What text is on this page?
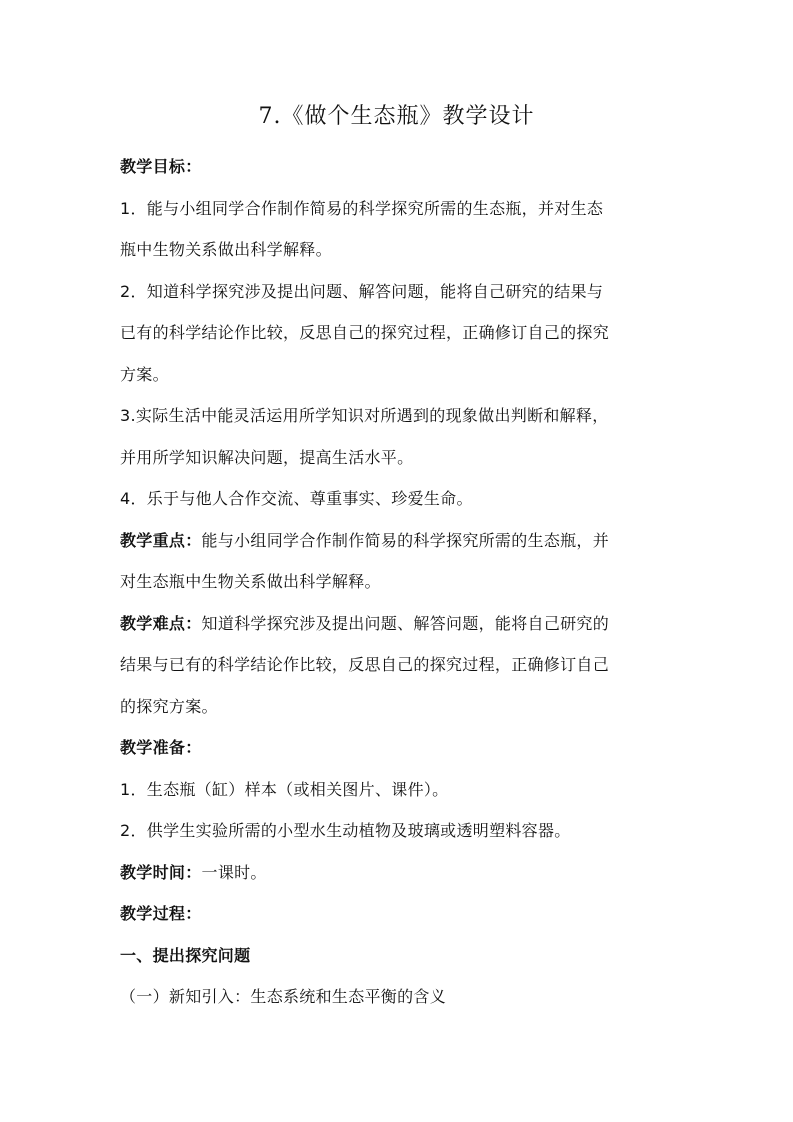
7.《做个生态瓶》教学设计
教学目标：
1．能与小组同学合作制作简易的科学探究所需的生态瓶，并对生态
瓶中生物关系做出科学解释。
2．知道科学探究涉及提出问题、解答问题，能将自己研究的结果与
已有的科学结论作比较，反思自己的探究过程，正确修订自己的探究
方案。
3.实际生活中能灵活运用所学知识对所遇到的现象做出判断和解释，
并用所学知识解决问题，提高生活水平。
4．乐于与他人合作交流、尊重事实、珍爱生命。
教学重点：能与小组同学合作制作简易的科学探究所需的生态瓶，并
对生态瓶中生物关系做出科学解释。
教学难点：知道科学探究涉及提出问题、解答问题，能将自己研究的
结果与已有的科学结论作比较，反思自己的探究过程，正确修订自己
的探究方案。
教学准备：
1．生态瓶（缸）样本（或相关图片、课件）。
2．供学生实验所需的小型水生动植物及玻璃或透明塑料容器。
教学时间：一课时。
教学过程：
一、提出探究问题
（一）新知引入：生态系统和生态平衡的含义
